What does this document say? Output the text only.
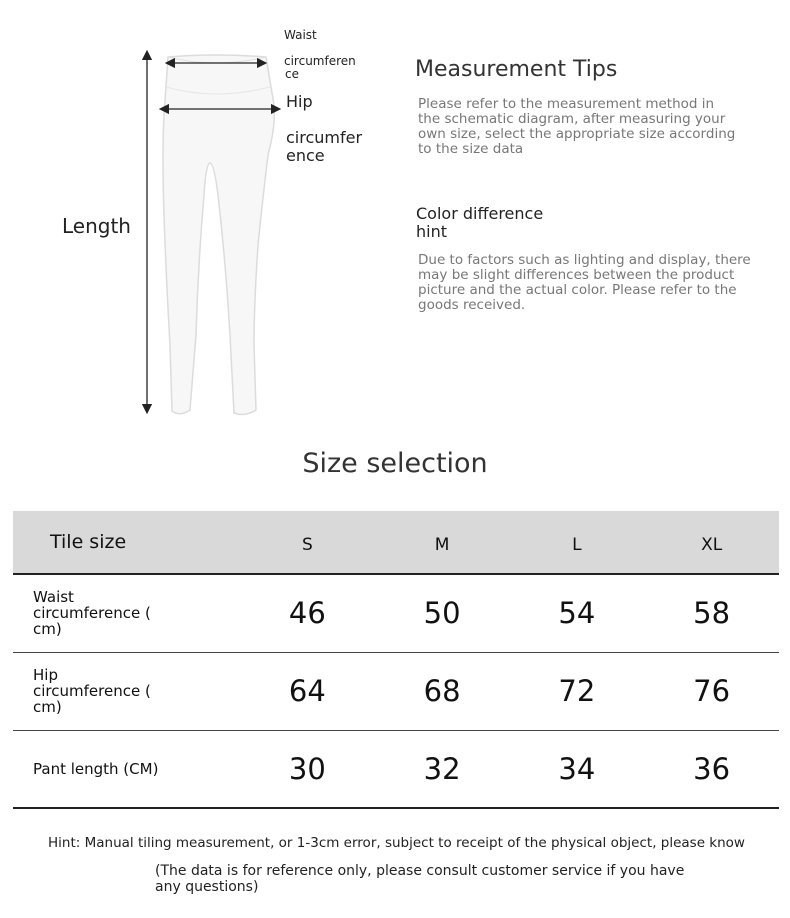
Waist
circumferen
ce
Hip
circumfer
ence
Length
Measurement Tips
Please refer to the measurement method in
the schematic diagram, after measuring your
own size, select the appropriate size according
to the size data
Color difference
hint
Due to factors such as lighting and display, there
may be slight differences between the product
picture and the actual color. Please refer to the
goods received.
Size selection
Tile size	S	M	L	XL

Waist
circumference (
cm)	46	50	54	58

Hip
circumference (
cm)	64	68	72	76
Pant length (CM)	30	32	34	36
Hint: Manual tiling measurement, or 1-3cm error, subject to receipt of the physical object, please know
(The data is for reference only, please consult customer service if you have
any questions)
